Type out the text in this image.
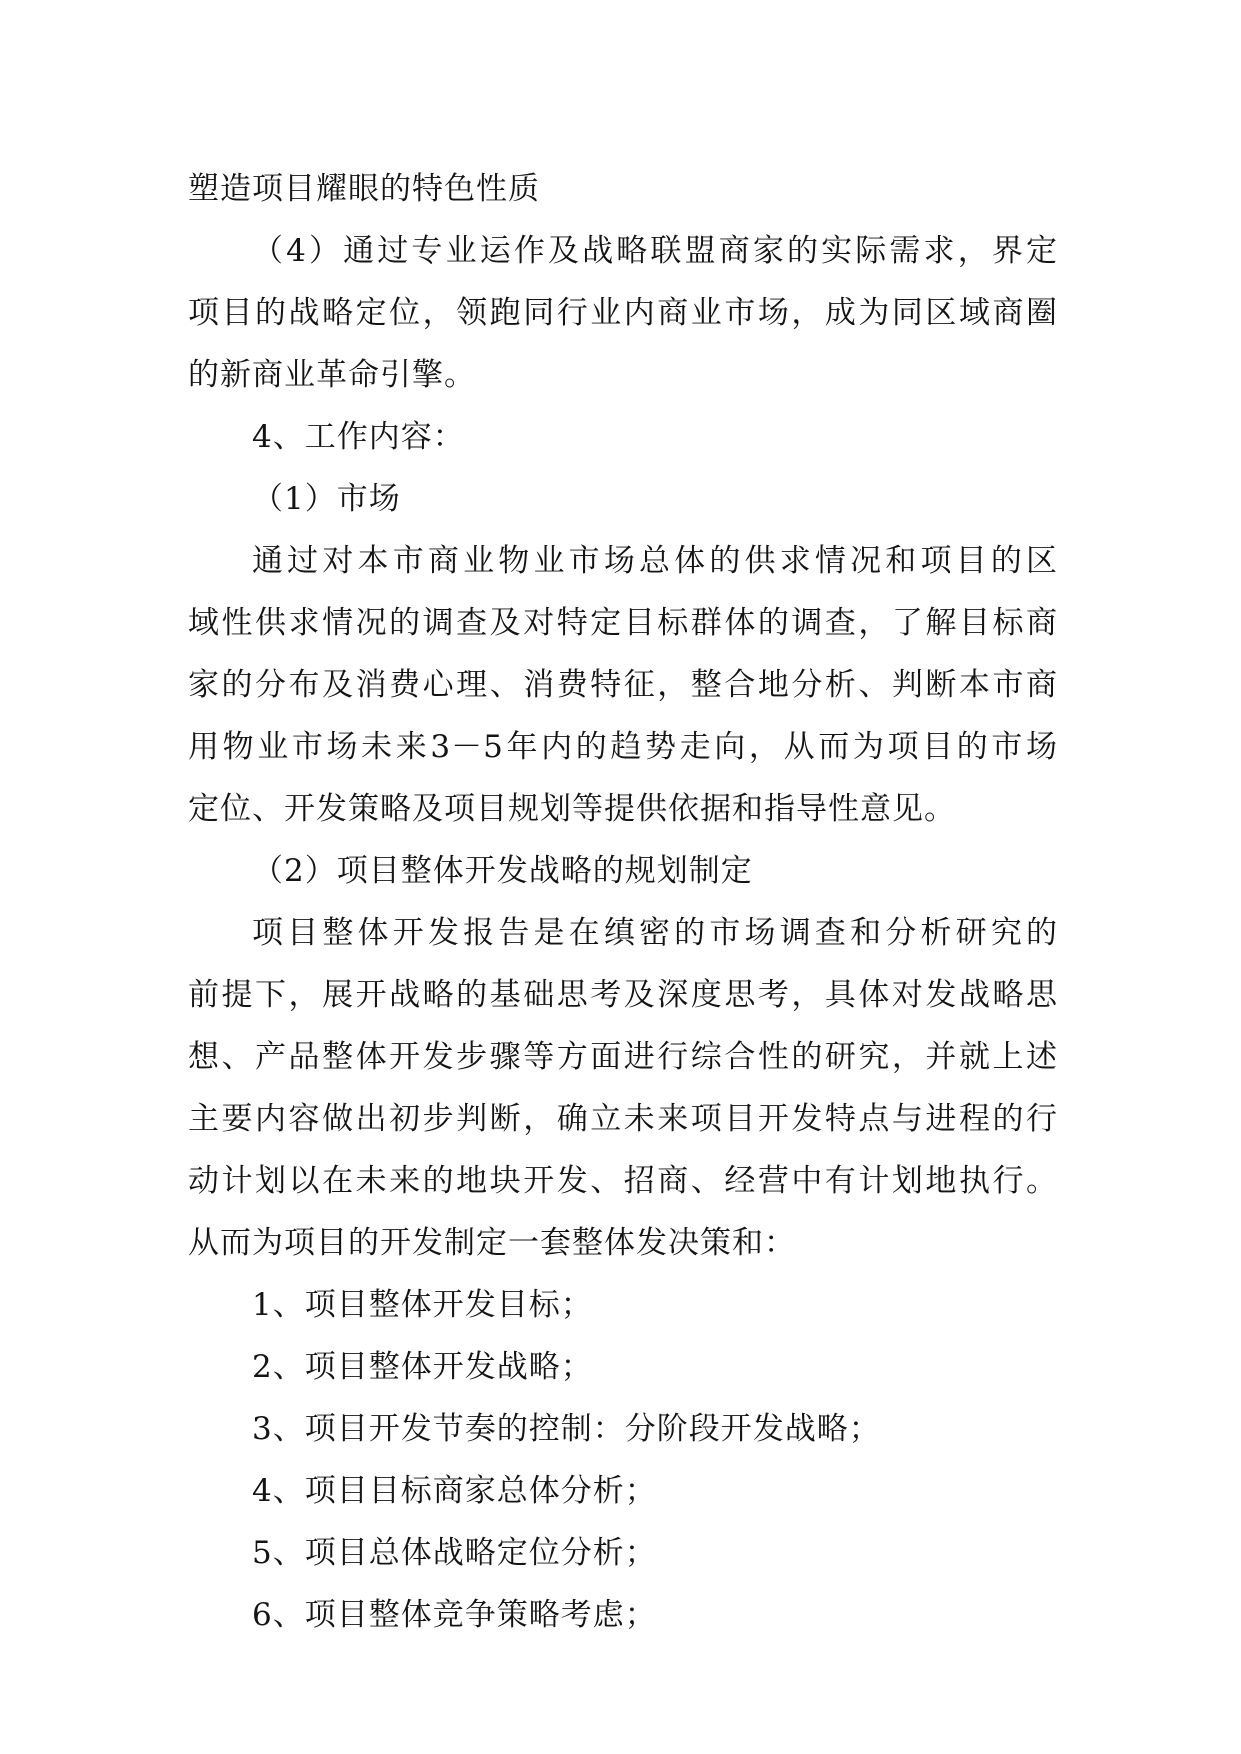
塑造项目耀眼的特色性质
（4）通过专业运作及战略联盟商家的实际需求，界定
项目的战略定位，领跑同行业内商业市场，成为同区域商圈
的新商业革命引擎。
4、工作内容：
（1）市场
通过对本市商业物业市场总体的供求情况和项目的区
域性供求情况的调查及对特定目标群体的调查，了解目标商
家的分布及消费心理、消费特征，整合地分析、判断本市商
用物业市场未来3－5年内的趋势走向，从而为项目的市场
定位、开发策略及项目规划等提供依据和指导性意见。
（2）项目整体开发战略的规划制定
项目整体开发报告是在缜密的市场调查和分析研究的
前提下，展开战略的基础思考及深度思考，具体对发战略思
想、产品整体开发步骤等方面进行综合性的研究，并就上述
主要内容做出初步判断，确立未来项目开发特点与进程的行
动计划以在未来的地块开发、招商、经营中有计划地执行。
从而为项目的开发制定一套整体发决策和：
1、项目整体开发目标；
2、项目整体开发战略；
3、项目开发节奏的控制：分阶段开发战略；
4、项目目标商家总体分析；
5、项目总体战略定位分析；
6、项目整体竞争策略考虑；
